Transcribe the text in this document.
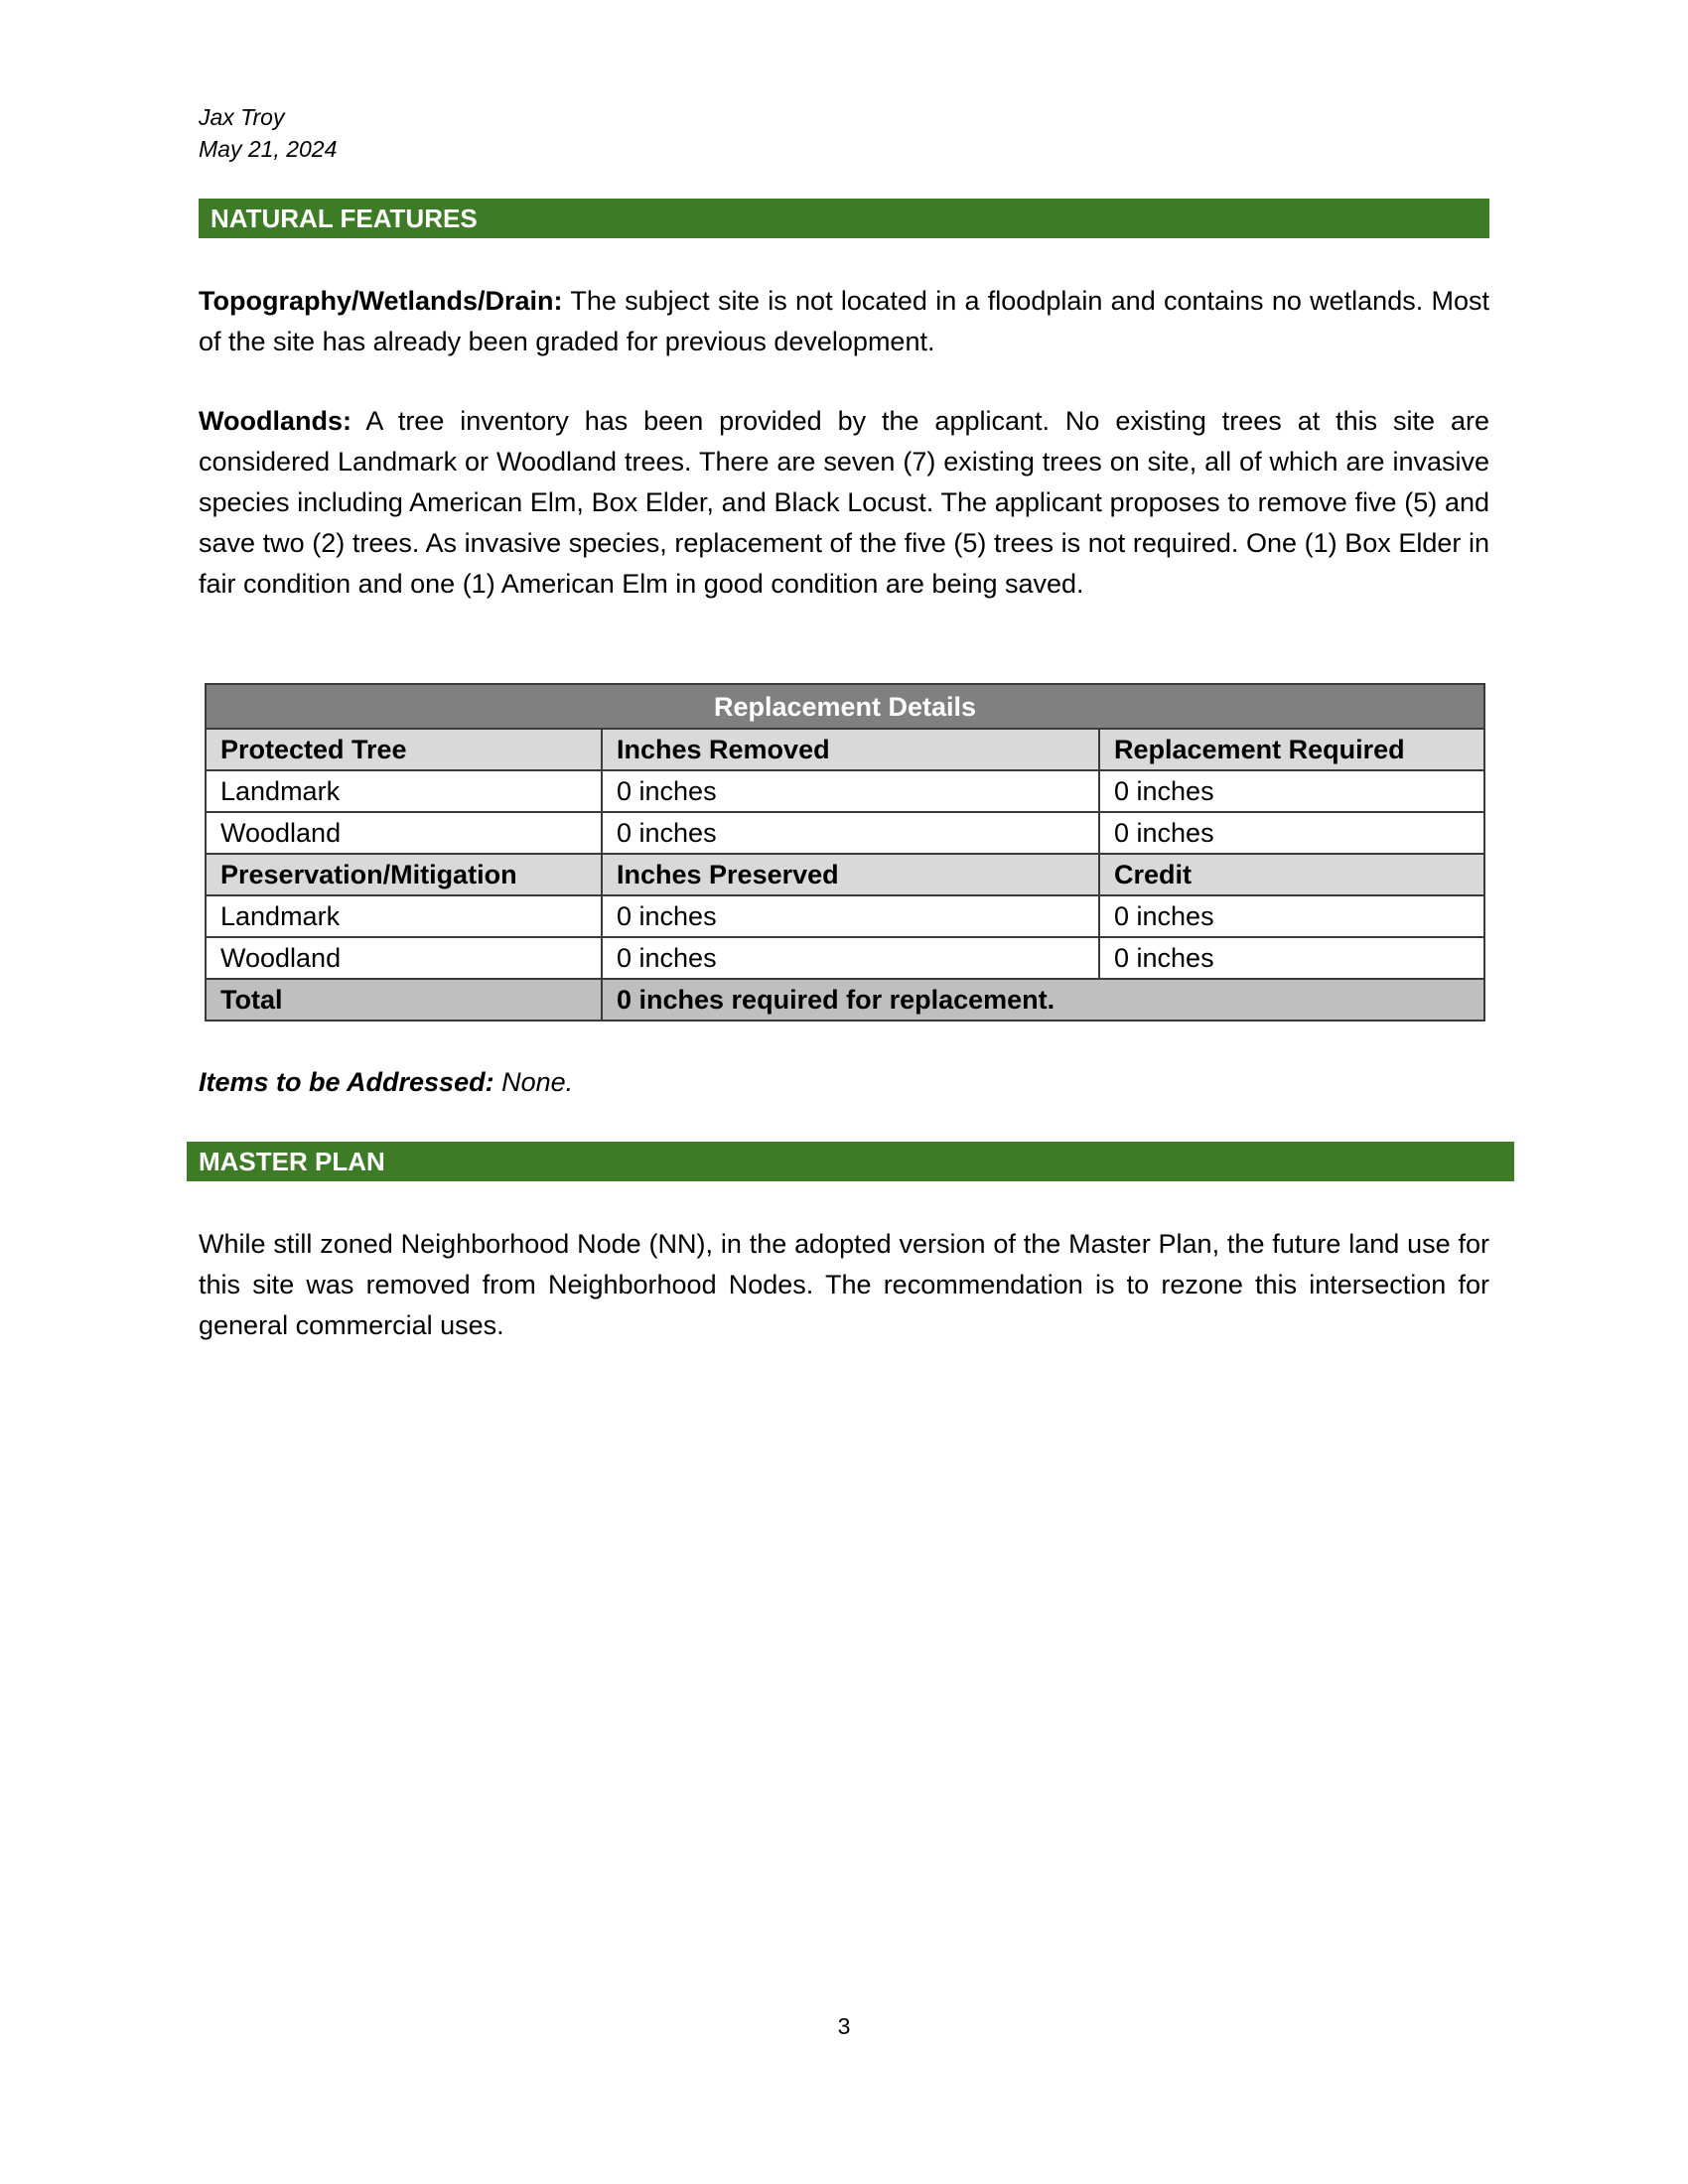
Jax Troy
May 21, 2024
NATURAL FEATURES
Topography/Wetlands/Drain: The subject site is not located in a floodplain and contains no wetlands. Most of the site has already been graded for previous development.
Woodlands: A tree inventory has been provided by the applicant. No existing trees at this site are considered Landmark or Woodland trees. There are seven (7) existing trees on site, all of which are invasive species including American Elm, Box Elder, and Black Locust. The applicant proposes to remove five (5) and save two (2) trees. As invasive species, replacement of the five (5) trees is not required. One (1) Box Elder in fair condition and one (1) American Elm in good condition are being saved.
Replacement Details		
Protected Tree	Inches Removed	Replacement Required
Landmark	0 inches	0 inches
Woodland	0 inches	0 inches
Preservation/Mitigation	Inches Preserved	Credit
Landmark	0 inches	0 inches
Woodland	0 inches	0 inches
Total	0 inches required for replacement.	
Items to be Addressed: None.
MASTER PLAN
While still zoned Neighborhood Node (NN), in the adopted version of the Master Plan, the future land use for this site was removed from Neighborhood Nodes. The recommendation is to rezone this intersection for general commercial uses.
3
